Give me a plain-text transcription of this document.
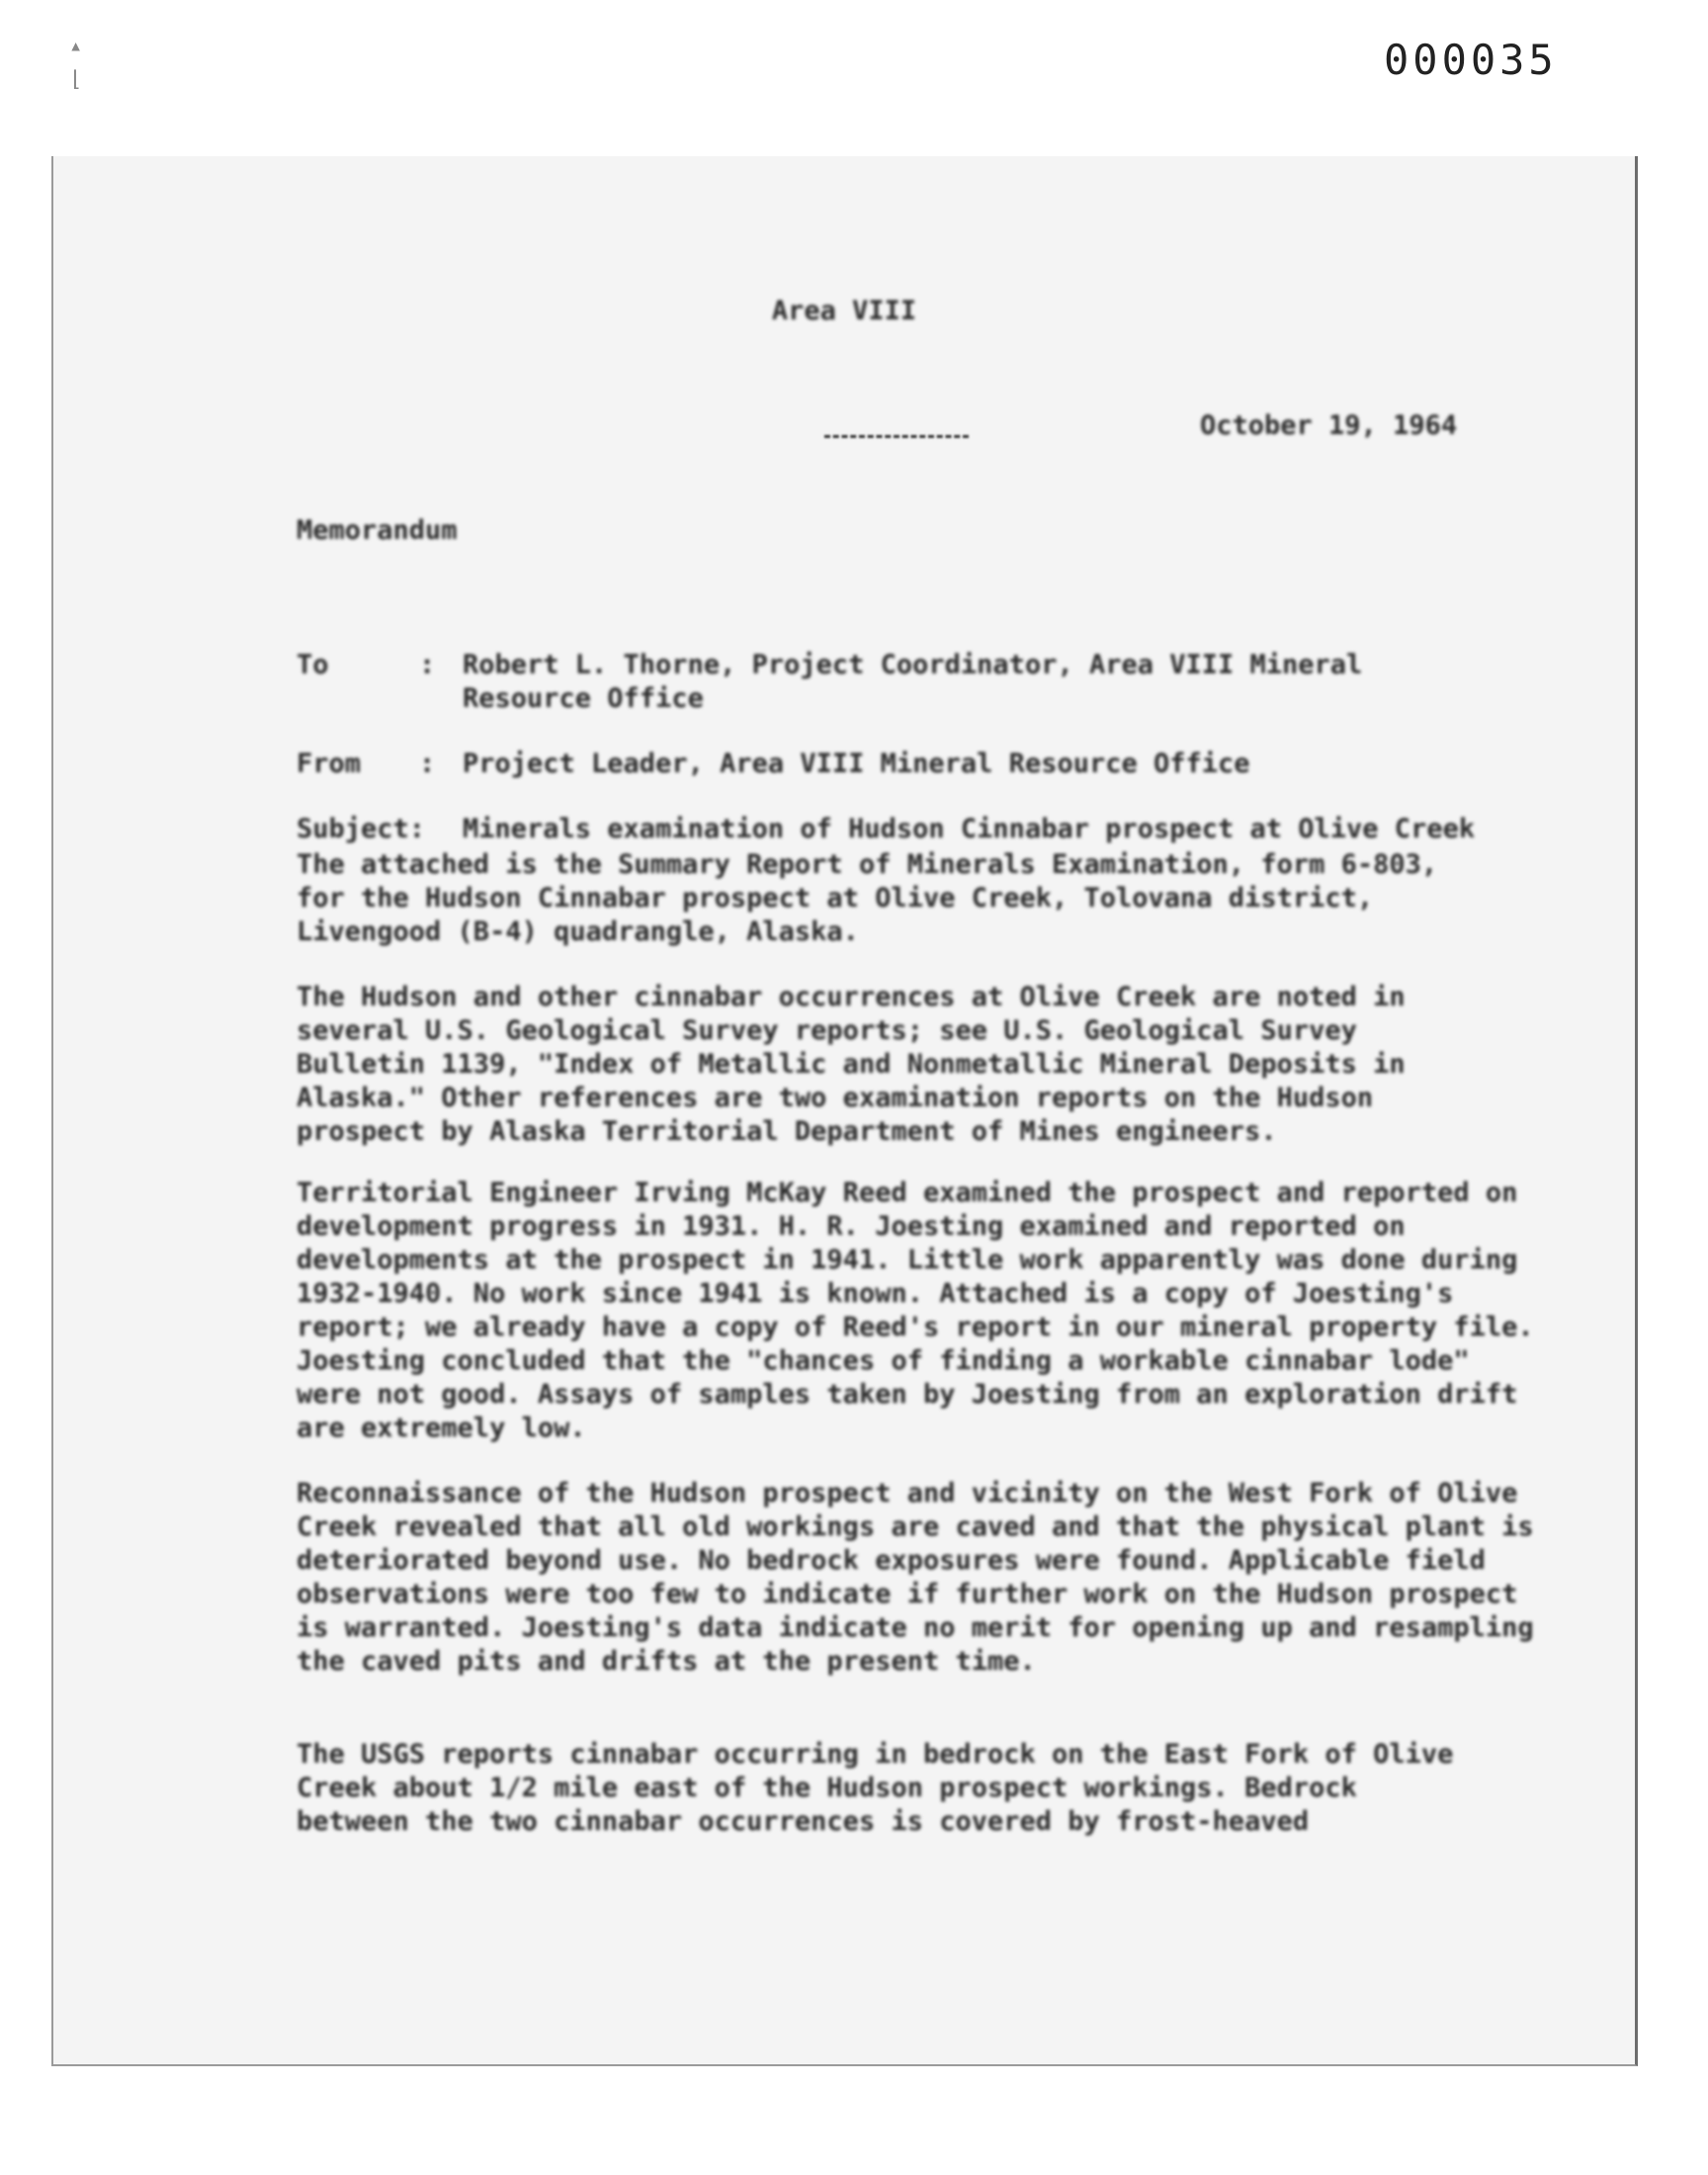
▴
⌊	000035
Area VIII
October 19, 1964
Memorandum

To	:	Robert L. Thorne, Project Coordinator, Area VIII Mineral Resource Office

From	:	Project Leader, Area VIII Mineral Resource Office

Subject:	Minerals examination of Hudson Cinnabar prospect at Olive Creek

The attached is the Summary Report of Minerals Examination, form 6-803, for the Hudson Cinnabar prospect at Olive Creek, Tolovana district, Livengood (B-4) quadrangle, Alaska.
The Hudson and other cinnabar occurrences at Olive Creek are noted in several U.S. Geological Survey reports; see U.S. Geological Survey Bulletin 1139, "Index of Metallic and Nonmetallic Mineral Deposits in Alaska." Other references are two examination reports on the Hudson prospect by Alaska Territorial Department of Mines engineers.
Territorial Engineer Irving McKay Reed examined the prospect and reported on development progress in 1931. H. R. Joesting examined and reported on developments at the prospect in 1941. Little work apparently was done during 1932-1940. No work since 1941 is known. Attached is a copy of Joesting's report; we already have a copy of Reed's report in our mineral property file. Joesting concluded that the "chances of finding a workable cinnabar lode" were not good. Assays of samples taken by Joesting from an exploration drift are extremely low.
Reconnaissance of the Hudson prospect and vicinity on the West Fork of Olive Creek revealed that all old workings are caved and that the physical plant is deteriorated beyond use. No bedrock exposures were found. Applicable field observations were too few to indicate if further work on the Hudson prospect is warranted. Joesting's data indicate no merit for opening up and resampling the caved pits and drifts at the present time.
The USGS reports cinnabar occurring in bedrock on the East Fork of Olive Creek about 1/2 mile east of the Hudson prospect workings. Bedrock between the two cinnabar occurrences is covered by frost-heaved
